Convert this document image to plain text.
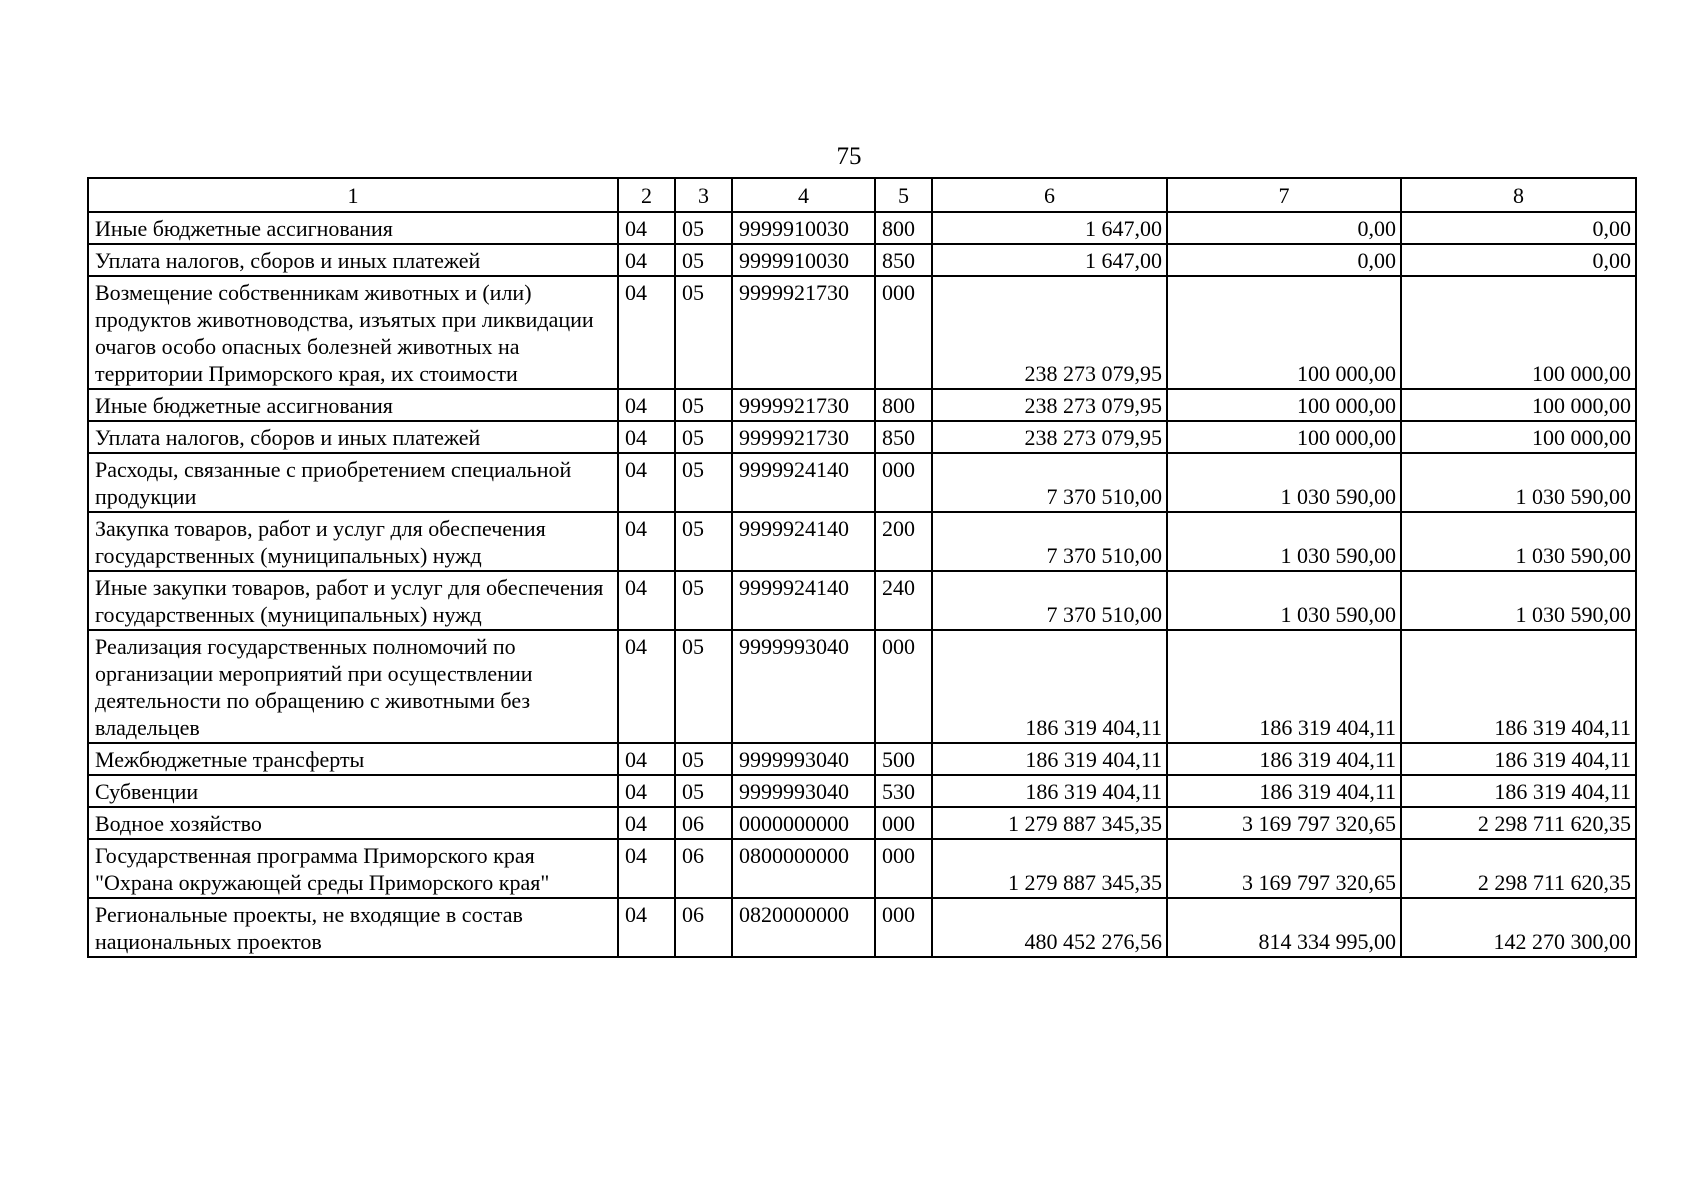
75
1	2	3	4	5	6	7	8
Иные бюджетные ассигнования	04	05	9999910030	800	1 647,00	0,00	0,00
Уплата налогов, сборов и иных платежей	04	05	9999910030	850	1 647,00	0,00	0,00
Возмещение собственникам животных и (или) продуктов животноводства, изъятых при ликвидации очагов особо опасных болезней животных на территории Приморского края, их стоимости	04	05	9999921730	000	238 273 079,95	100 000,00	100 000,00
Иные бюджетные ассигнования	04	05	9999921730	800	238 273 079,95	100 000,00	100 000,00
Уплата налогов, сборов и иных платежей	04	05	9999921730	850	238 273 079,95	100 000,00	100 000,00
Расходы, связанные с приобретением специальной продукции	04	05	9999924140	000	7 370 510,00	1 030 590,00	1 030 590,00
Закупка товаров, работ и услуг для обеспечения государственных (муниципальных) нужд	04	05	9999924140	200	7 370 510,00	1 030 590,00	1 030 590,00
Иные закупки товаров, работ и услуг для обеспечения государственных (муниципальных) нужд	04	05	9999924140	240	7 370 510,00	1 030 590,00	1 030 590,00
Реализация государственных полномочий по организации мероприятий при осуществлении деятельности по обращению с животными без владельцев	04	05	9999993040	000	186 319 404,11	186 319 404,11	186 319 404,11
Межбюджетные трансферты	04	05	9999993040	500	186 319 404,11	186 319 404,11	186 319 404,11
Субвенции	04	05	9999993040	530	186 319 404,11	186 319 404,11	186 319 404,11
Водное хозяйство	04	06	0000000000	000	1 279 887 345,35	3 169 797 320,65	2 298 711 620,35
Государственная программа Приморского края "Охрана окружающей среды Приморского края"	04	06	0800000000	000	1 279 887 345,35	3 169 797 320,65	2 298 711 620,35
Региональные проекты, не входящие в состав национальных проектов	04	06	0820000000	000	480 452 276,56	814 334 995,00	142 270 300,00
